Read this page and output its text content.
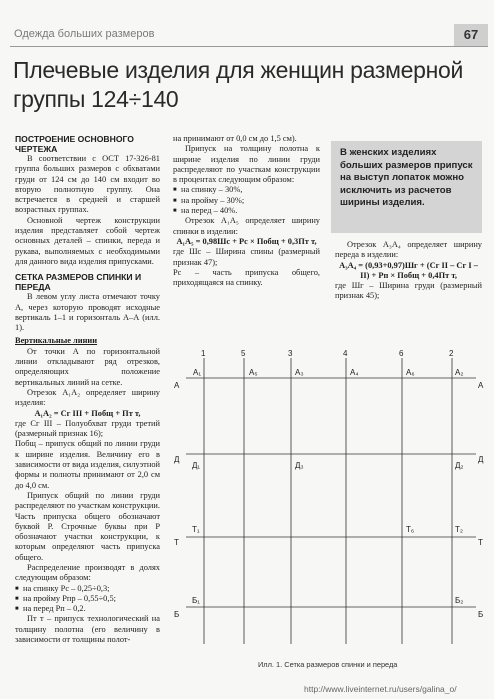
Одежда больших размеров	67
Плечевые изделия для женщин размерной группы 124÷140
ПОСТРОЕНИЕ ОСНОВНОГО ЧЕРТЕЖА

В соответствии с ОСТ 17-326-81 группа больших размеров с обхватами груди от 124 см до 140 см входит во вторую полнотную группу. Она встречается в средней и старшей возрастных группах.

Основной чертеж конструкции изделия представляет собой чертеж основных деталей – спинки, переда и рукава, выполняемых с необходимыми для данного вида изделия припусками.

СЕТКА РАЗМЕРОВ СПИНКИ И ПЕРЕДА

В левом углу листа отмечают точку А, через которую проводят исходные вертикаль 1–1 и горизонталь А–А (илл. 1).

Вертикальные линии

От точки А по горизонтальной линии откладывают ряд отрезков, определяющих положение вертикальных линий на сетке.

Отрезок А₁А₂ определяет ширину изделия:

А₁А₂ = Сг III + Побщ + Пт т,

где Сг III – Полуобхват груди третий (размерный признак 16);

Побщ – припуск общий по линии груди к ширине изделия. Величину его в зависимости от вида изделия, силуэтной формы и полноты принимают от 2,0 см до 4,0 см.

Припуск общий по линии груди распределяют по участкам конструкции. Часть припуска общего обозначают буквой Р. Строчные буквы при Р обозначают участки конструкции, к которым определяют часть припуска общего.

Распределение производят в долях следующим образом:

■ на спинку Рс – 0,25÷0,3;
■ на пройму Рпр – 0,55÷0,5;
■ на перед Рп – 0,2.

Пт т – припуск технологический на толщину полотна (его величину в зависимости от толщины полот-

на принимают от 0,0 см до 1,5 см).

Припуск на толщину полотна к ширине изделия по линии груди распределяют по участкам конструкции в процентах следующим образом:

■ на спинку – 30%,
■ на пройму – 30%;
■ на перед – 40%.

Отрезок А₁А₅ определяет ширину спинки в изделии:

А₁А₅ = 0,98Шс + Рс × Побщ + 0,3Пт т,

где Шс – Ширина спины (размерный признак 47);

Рс – часть припуска общего, приходящаяся на спинку.

В женских изделиях больших размеров припуск на выступ лопаток можно исключить из расчетов ширины изделия.

Отрезок А₃А₄ определяет ширину переда в изделии:

А₃А₄ = (0,93+0,97)Шг + (Сг II – Сг I – II) + Рп × Побщ + 0,4Пт т,

где Шг – Ширина груди (размерный признак 45);

1	5	3	4	6	2
А
Д
Т
Б
А
Д
Т
Б
А₁	А₅	А₃	А₄	А₆	А₂
Д₁	Д₃	Д₂
Т₁	Т₆	Т₂
Б₁	Б₂
Илл. 1. Сетка размеров спинки и переда
http://www.liveinternet.ru/users/galina_o/
